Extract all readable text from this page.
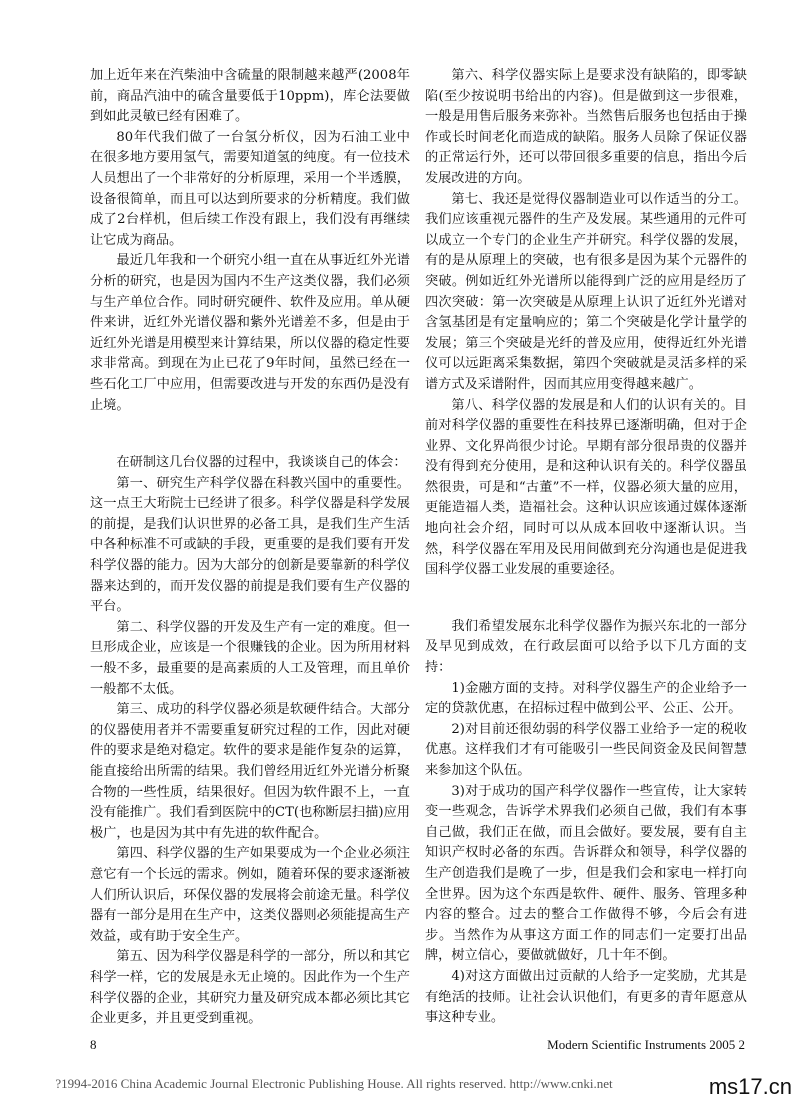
加上近年来在汽柴油中含硫量的限制越来越严(2008年前，商品汽油中的硫含量要低于10ppm)，库仑法要做到如此灵敏已经有困难了。

80年代我们做了一台氢分析仪，因为石油工业中在很多地方要用氢气，需要知道氢的纯度。有一位技术人员想出了一个非常好的分析原理，采用一个半透膜，设备很简单，而且可以达到所要求的分析精度。我们做成了2台样机，但后续工作没有跟上，我们没有再继续让它成为商品。

最近几年我和一个研究小组一直在从事近红外光谱分析的研究，也是因为国内不生产这类仪器，我们必须与生产单位合作。同时研究硬件、软件及应用。单从硬件来讲，近红外光谱仪器和紫外光谱差不多，但是由于近红外光谱是用模型来计算结果，所以仪器的稳定性要求非常高。到现在为止已花了9年时间，虽然已经在一些石化工厂中应用，但需要改进与开发的东西仍是没有止境。

在研制这几台仪器的过程中，我谈谈自己的体会：

第一、研究生产科学仪器在科教兴国中的重要性。这一点王大珩院士已经讲了很多。科学仪器是科学发展的前提，是我们认识世界的必备工具，是我们生产生活中各种标准不可或缺的手段，更重要的是我们要有开发科学仪器的能力。因为大部分的创新是要靠新的科学仪器来达到的，而开发仪器的前提是我们要有生产仪器的平台。

第二、科学仪器的开发及生产有一定的难度。但一旦形成企业，应该是一个很赚钱的企业。因为所用材料一般不多，最重要的是高素质的人工及管理，而且单价一般都不太低。

第三、成功的科学仪器必须是软硬件结合。大部分的仪器使用者并不需要重复研究过程的工作，因此对硬件的要求是绝对稳定。软件的要求是能作复杂的运算，能直接给出所需的结果。我们曾经用近红外光谱分析聚合物的一些性质，结果很好。但因为软件跟不上，一直没有能推广。我们看到医院中的CT(也称断层扫描)应用极广，也是因为其中有先进的软件配合。

第四、科学仪器的生产如果要成为一个企业必须注意它有一个长远的需求。例如，随着环保的要求逐渐被人们所认识后，环保仪器的发展将会前途无量。科学仪器有一部分是用在生产中，这类仪器则必须能提高生产效益，或有助于安全生产。

第五、因为科学仪器是科学的一部分，所以和其它科学一样，它的发展是永无止境的。因此作为一个生产科学仪器的企业，其研究力量及研究成本都必须比其它企业更多，并且更受到重视。

第六、科学仪器实际上是要求没有缺陷的，即零缺陷(至少按说明书给出的内容)。但是做到这一步很难，一般是用售后服务来弥补。当然售后服务也包括由于操作或长时间老化而造成的缺陷。服务人员除了保证仪器的正常运行外，还可以带回很多重要的信息，指出今后发展改进的方向。

第七、我还是觉得仪器制造业可以作适当的分工。我们应该重视元器件的生产及发展。某些通用的元件可以成立一个专门的企业生产并研究。科学仪器的发展，有的是从原理上的突破，也有很多是因为某个元器件的突破。例如近红外光谱所以能得到广泛的应用是经历了四次突破：第一次突破是从原理上认识了近红外光谱对含氢基团是有定量响应的；第二个突破是化学计量学的发展；第三个突破是光纤的普及应用，使得近红外光谱仪可以远距离采集数据，第四个突破就是灵活多样的采谱方式及采谱附件，因而其应用变得越来越广。

第八、科学仪器的发展是和人们的认识有关的。目前对科学仪器的重要性在科技界已逐渐明确，但对于企业界、文化界尚很少讨论。早期有部分很昂贵的仪器并没有得到充分使用，是和这种认识有关的。科学仪器虽然很贵，可是和“古董”不一样，仪器必须大量的应用，更能造福人类，造福社会。这种认识应该通过媒体逐渐地向社会介绍，同时可以从成本回收中逐渐认识。当然，科学仪器在军用及民用间做到充分沟通也是促进我国科学仪器工业发展的重要途径。

我们希望发展东北科学仪器作为振兴东北的一部分及早见到成效，在行政层面可以给予以下几方面的支持：

1)金融方面的支持。对科学仪器生产的企业给予一定的贷款优惠，在招标过程中做到公平、公正、公开。

2)对目前还很幼弱的科学仪器工业给予一定的税收优惠。这样我们才有可能吸引一些民间资金及民间智慧来参加这个队伍。

3)对于成功的国产科学仪器作一些宣传，让大家转变一些观念，告诉学术界我们必须自己做，我们有本事自己做，我们正在做，而且会做好。要发展，要有自主知识产权时必备的东西。告诉群众和领导，科学仪器的生产创造我们是晚了一步，但是我们会和家电一样打向全世界。因为这个东西是软件、硬件、服务、管理多种内容的整合。过去的整合工作做得不够，今后会有进步。当然作为从事这方面工作的同志们一定要打出品牌，树立信心，要做就做好，几十年不倒。

4)对这方面做出过贡献的人给予一定奖励，尤其是有绝活的技师。让社会认识他们，有更多的青年愿意从事这种专业。

8	Modern Scientific Instruments 2005 2
?1994-2016 China Academic Journal Electronic Publishing House. All rights reserved. http://www.cnki.net	ms17.cn
